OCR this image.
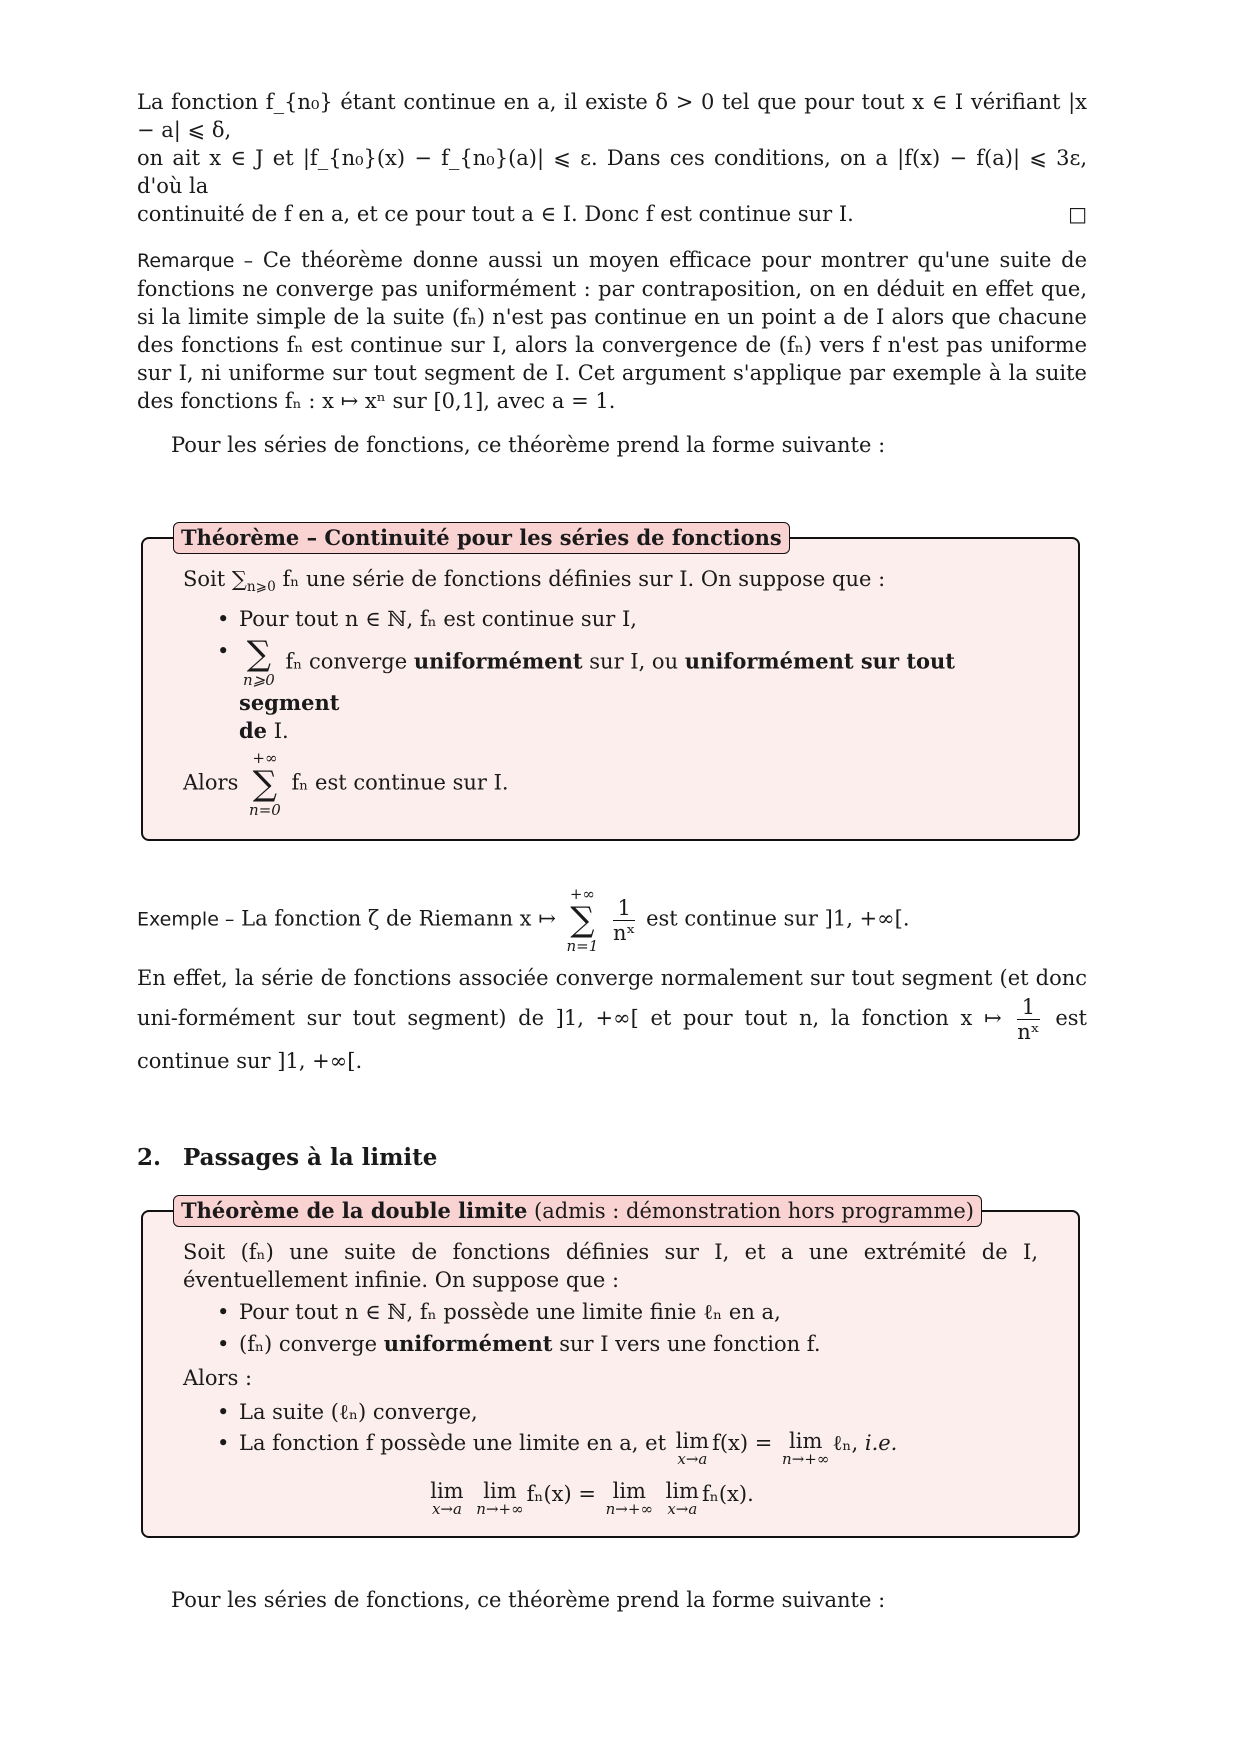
La fonction f_{n₀} étant continue en a, il existe δ > 0 tel que pour tout x ∈ I vérifiant |x − a| ⩽ δ,

on ait x ∈ J et |f_{n₀}(x) − f_{n₀}(a)| ⩽ ε. Dans ces conditions, on a |f(x) − f(a)| ⩽ 3ε, d'où la

continuité de f en a, et ce pour tout a ∈ I. Donc f est continue sur I.	□

Remarque – Ce théorème donne aussi un moyen efficace pour montrer qu'une suite de fonctions ne converge pas uniformément : par contraposition, on en déduit en effet que, si la limite simple de la suite (fₙ) n'est pas continue en un point a de I alors que chacune des fonctions fₙ est continue sur I, alors la convergence de (fₙ) vers f n'est pas uniforme sur I, ni uniforme sur tout segment de I. Cet argument s'applique par exemple à la suite des fonctions fₙ : x ↦ xⁿ sur [0,1], avec a = 1.

Pour les séries de fonctions, ce théorème prend la forme suivante :

Théorème – Continuité pour les séries de fonctions
Soit $\sum_{n⩾0}$ fₙ une série de fonctions définies sur I. On suppose que :
• Pour tout n ∈ ℕ, fₙ est continue sur I,
• ∑
n⩾0
fₙ converge uniformément sur I, ou uniformément sur tout segment
de I.
Alors
+∞
∑
n=0
fₙ est continue sur I.
Exemple – La fonction ζ de Riemann x ↦
+∞
∑
n=1

$\frac{1}{\text{nˣ}}$ est continue sur ]1, +∞[.

En effet, la série de fonctions associée converge normalement sur tout segment (et donc uni-formément sur tout segment) de ]1, +∞[ et pour tout n, la fonction x ↦ $\frac{1}{\text{nˣ}}$ est continue sur ]1, +∞[.

2. Passages à la limite
Théorème de la double limite (admis : démonstration hors programme)

Soit (fₙ) une suite de fonctions définies sur I, et a une extrémité de I, éventuellement infinie. On suppose que :

• Pour tout n ∈ ℕ, fₙ possède une limite finie ℓₙ en a,
• (fₙ) converge uniformément sur I vers une fonction f.
Alors :
• La suite (ℓₙ) converge,
• La fonction f possède une limite en a, et lim
x→a
f(x) = lim
n→+∞
ℓₙ, i.e.
lim
x→a
lim
n→+∞
fₙ(x) = lim
n→+∞
lim
x→a
fₙ(x).

Pour les séries de fonctions, ce théorème prend la forme suivante :
